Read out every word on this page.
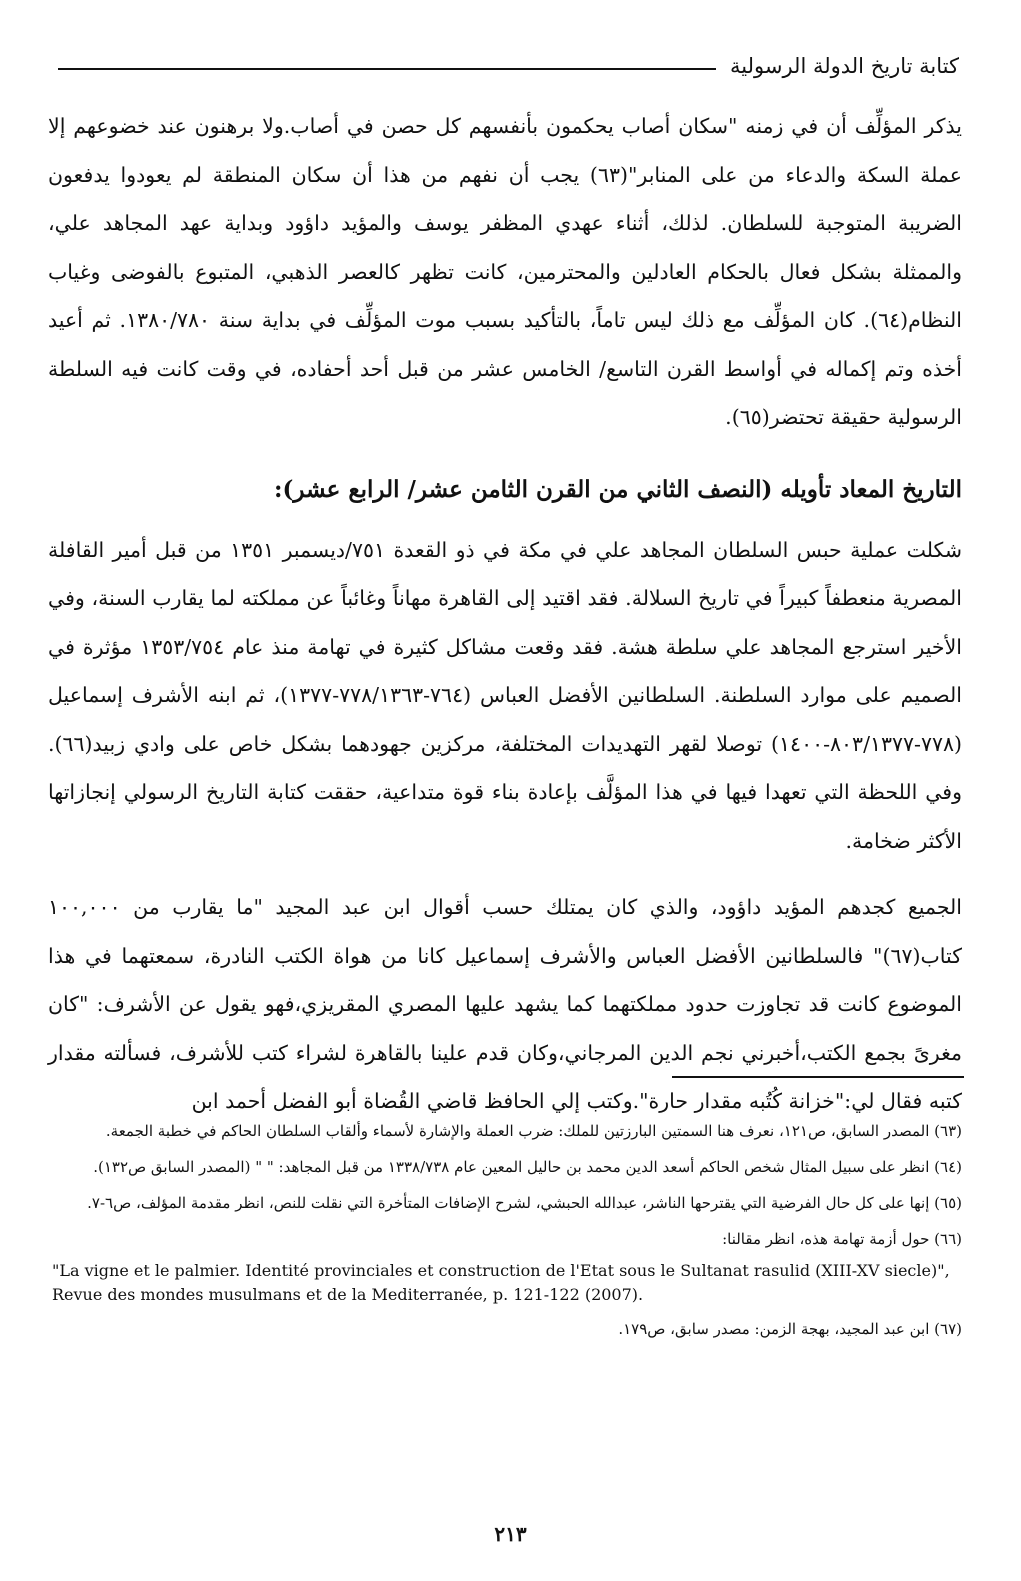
كتابة تاريخ الدولة الرسولية

يذكر المؤلِّف أن في زمنه "سكان أصاب يحكمون بأنفسهم كل حصن في أصاب.ولا برهنون عند خضوعهم إلا عملة السكة والدعاء من على المنابر"(٦٣) يجب أن نفهم من هذا أن سكان المنطقة لم يعودوا يدفعون الضريبة المتوجبة للسلطان. لذلك، أثناء عهدي المظفر يوسف والمؤيد داؤود وبداية عهد المجاهد علي، والممثلة بشكل فعال بالحكام العادلين والمحترمين، كانت تظهر كالعصر الذهبي، المتبوع بالفوضى وغياب النظام(٦٤). كان المؤلِّف مع ذلك ليس تاماً، بالتأكيد بسبب موت المؤلِّف في بداية سنة ١٣٨٠/٧٨٠. ثم أعيد أخذه وتم إكماله في أواسط القرن التاسع/ الخامس عشر من قبل أحد أحفاده، في وقت كانت فيه السلطة الرسولية حقيقة تحتضر(٦٥).

التاريخ المعاد تأويله (النصف الثاني من القرن الثامن عشر/ الرابع عشر):

شكلت عملية حبس السلطان المجاهد علي في مكة في ذو القعدة ٧٥١/ديسمبر ١٣٥١ من قبل أمير القافلة المصرية منعطفاً كبيراً في تاريخ السلالة. فقد اقتيد إلى القاهرة مهاناً وغائباً عن مملكته لما يقارب السنة، وفي الأخير استرجع المجاهد علي سلطة هشة. فقد وقعت مشاكل كثيرة في تهامة منذ عام ١٣٥٣/٧٥٤ مؤثرة في الصميم على موارد السلطنة. السلطانين الأفضل العباس (٧٦٤-٧٧٨/١٣٦٣-١٣٧٧)، ثم ابنه الأشرف إسماعيل (٧٧٨-٨٠٣/١٣٧٧-١٤٠٠) توصلا لقهر التهديدات المختلفة، مركزين جهودهما بشكل خاص على وادي زبيد(٦٦). وفي اللحظة التي تعهدا فيها في هذا المؤلَّف بإعادة بناء قوة متداعية، حققت كتابة التاريخ الرسولي إنجازاتها الأكثر ضخامة.

الجميع كجدهم المؤيد داؤود، والذي كان يمتلك حسب أقوال ابن عبد المجيد "ما يقارب من ١٠٠,٠٠٠ كتاب(٦٧)" فالسلطانين الأفضل العباس والأشرف إسماعيل كانا من هواة الكتب النادرة، سمعتهما في هذا الموضوع كانت قد تجاوزت حدود مملكتهما كما يشهد عليها المصري المقريزي،فهو يقول عن الأشرف: "كان مغرىً بجمع الكتب،أخبرني نجم الدين المرجاني،وكان قدم علينا بالقاهرة لشراء كتب للأشرف، فسألته مقدار كتبه فقال لي:"خزانة كُتُبه مقدار حارة".وكتب إلي الحافظ قاضي القُضاة أبو الفضل أحمد ابن

(٦٣) المصدر السابق، ص١٢١، نعرف هنا السمتين البارزتين للملك: ضرب العملة والإشارة لأسماء وألقاب السلطان الحاكم في خطبة الجمعة.

(٦٤) انظر على سبيل المثال شخص الحاكم أسعد الدين محمد بن حاليل المعين عام ١٣٣٨/٧٣٨ من قبل المجاهد: " " (المصدر السابق ص١٣٢).

(٦٥) إنها على كل حال الفرضية التي يقترحها الناشر، عبدالله الحبشي، لشرح الإضافات المتأخرة التي نقلت للنص، انظر مقدمة المؤلف، ص٦-٧.

(٦٦) حول أزمة تهامة هذه، انظر مقالنا:

"La vigne et le palmier. Identité provinciales et construction de l'Etat sous le Sultanat rasulid (XIII-XV siecle)", Revue des mondes musulmans et de la Mediterranée, p. 121-122 (2007).

(٦٧) ابن عبد المجيد، بهجة الزمن: مصدر سابق، ص١٧٩.

٢١٣
